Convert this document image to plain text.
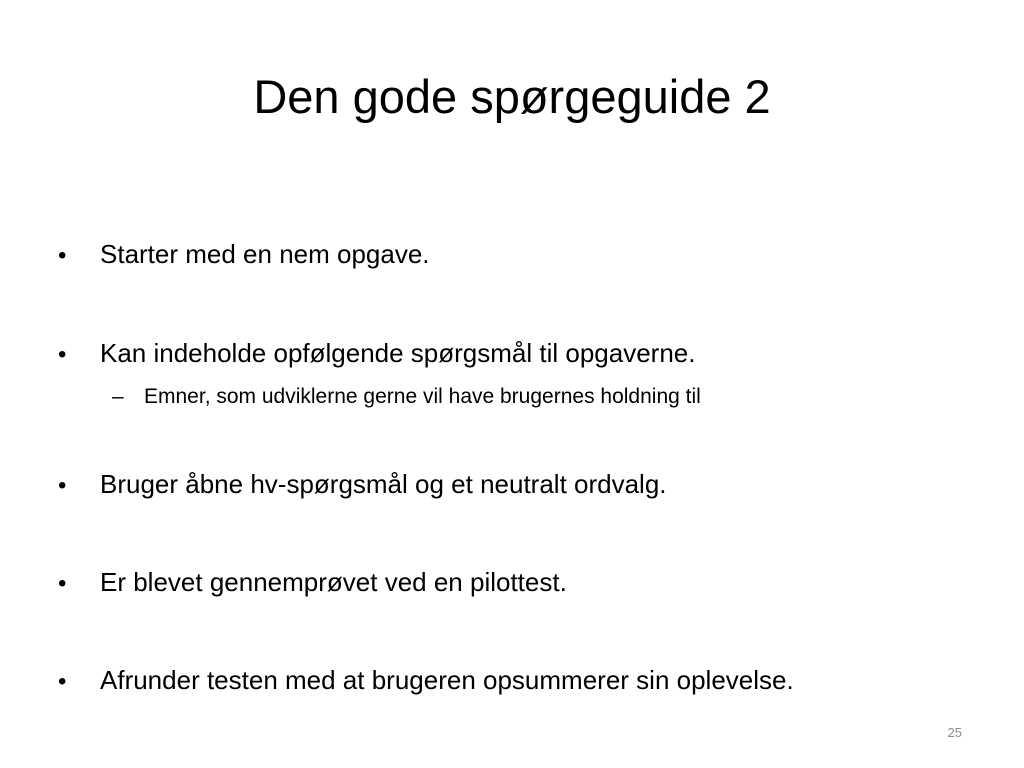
Den gode spørgeguide 2
• Starter med en nem opgave.
• Kan indeholde opfølgende spørgsmål til opgaverne.
– Emner, som udviklerne gerne vil have brugernes holdning til
• Bruger åbne hv-spørgsmål og et neutralt ordvalg.
• Er blevet gennemprøvet ved en pilottest.
• Afrunder testen med at brugeren opsummerer sin oplevelse.
25
